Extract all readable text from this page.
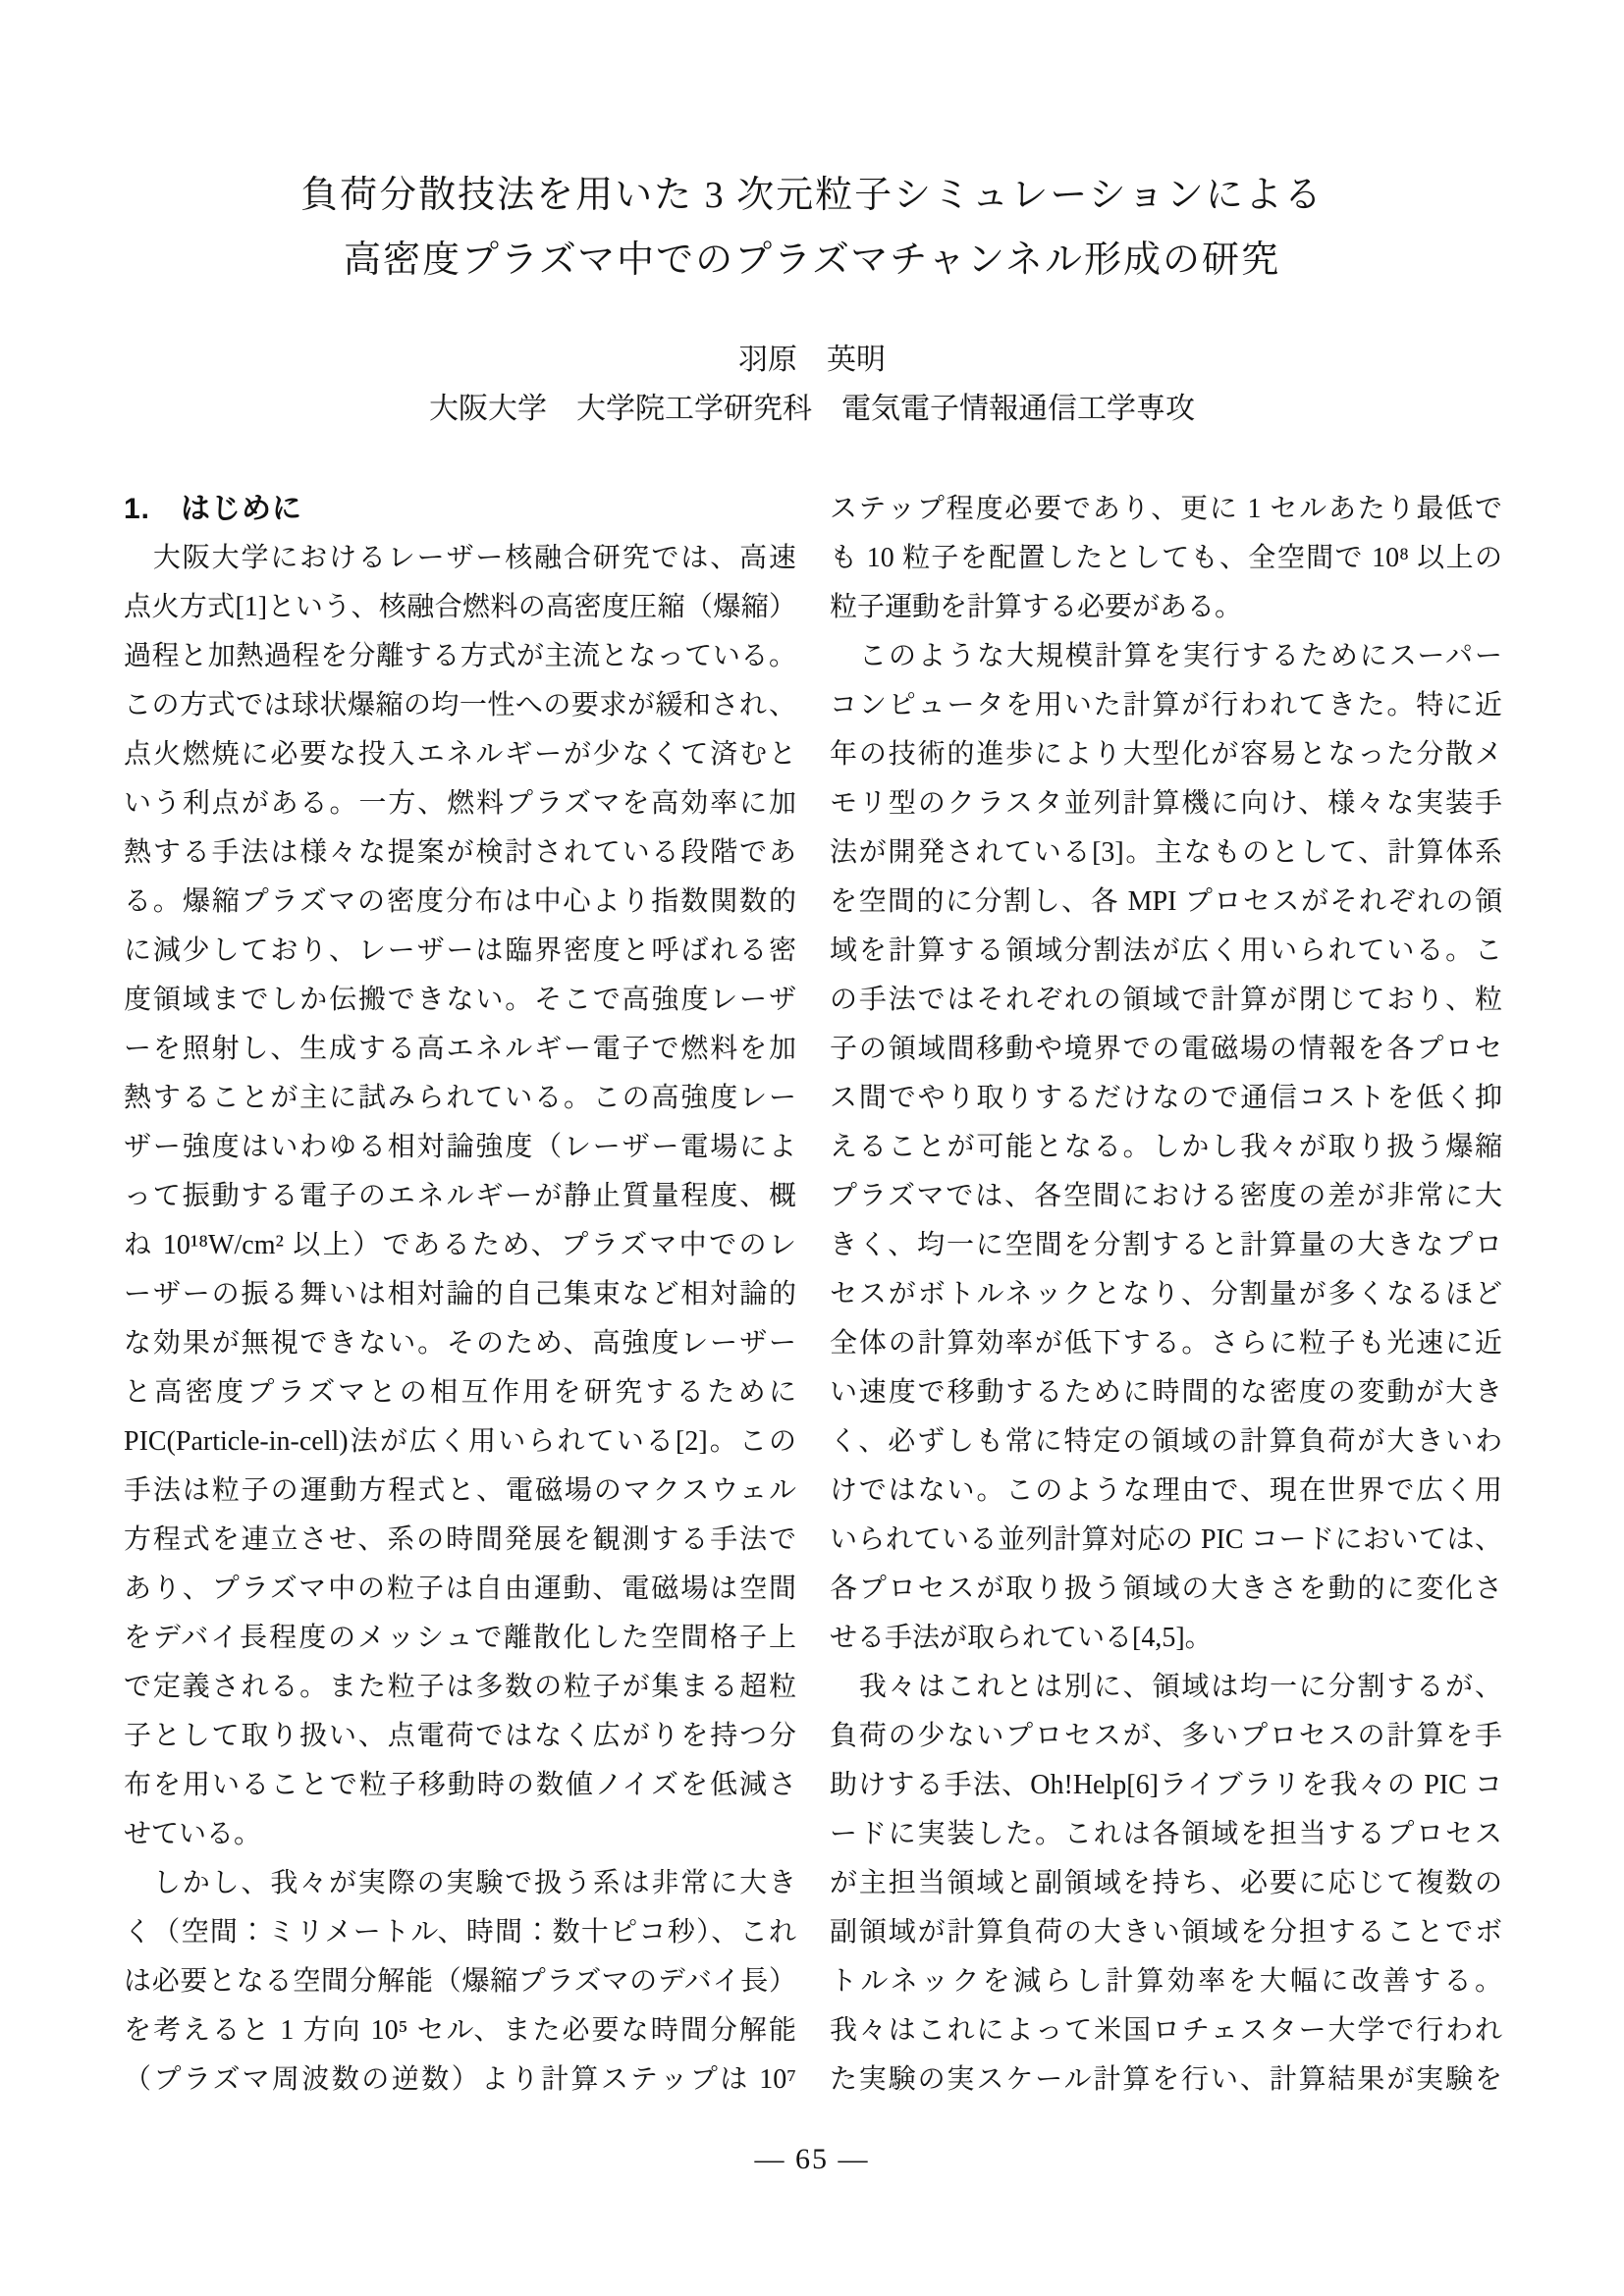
負荷分散技法を用いた 3 次元粒子シミュレーションによる
高密度プラズマ中でのプラズマチャンネル形成の研究
羽原　英明
大阪大学　大学院工学研究科　電気電子情報通信工学専攻
1.　はじめに
　大阪大学におけるレーザー核融合研究では、高速
点火方式[1]という、核融合燃料の高密度圧縮（爆縮）
過程と加熱過程を分離する方式が主流となっている。
この方式では球状爆縮の均一性への要求が緩和され、
点火燃焼に必要な投入エネルギーが少なくて済むと
いう利点がある。一方、燃料プラズマを高効率に加
熱する手法は様々な提案が検討されている段階であ
る。爆縮プラズマの密度分布は中心より指数関数的
に減少しており、レーザーは臨界密度と呼ばれる密
度領域までしか伝搬できない。そこで高強度レーザ
ーを照射し、生成する高エネルギー電子で燃料を加
熱することが主に試みられている。この高強度レー
ザー強度はいわゆる相対論強度（レーザー電場によ
って振動する電子のエネルギーが静止質量程度、概
ね 10¹⁸W/cm² 以上）であるため、プラズマ中でのレ
ーザーの振る舞いは相対論的自己集束など相対論的
な効果が無視できない。そのため、高強度レーザー
と高密度プラズマとの相互作用を研究するために
PIC(Particle-in-cell)法が広く用いられている[2]。この
手法は粒子の運動方程式と、電磁場のマクスウェル
方程式を連立させ、系の時間発展を観測する手法で
あり、プラズマ中の粒子は自由運動、電磁場は空間
をデバイ長程度のメッシュで離散化した空間格子上
で定義される。また粒子は多数の粒子が集まる超粒
子として取り扱い、点電荷ではなく広がりを持つ分
布を用いることで粒子移動時の数値ノイズを低減さ
せている。
　しかし、我々が実際の実験で扱う系は非常に大き
く（空間：ミリメートル、時間：数十ピコ秒）、これ
は必要となる空間分解能（爆縮プラズマのデバイ長）
を考えると 1 方向 10⁵ セル、また必要な時間分解能
（プラズマ周波数の逆数）より計算ステップは 10⁷
ステップ程度必要であり、更に 1 セルあたり最低で
も 10 粒子を配置したとしても、全空間で 10⁸ 以上の
粒子運動を計算する必要がある。
　このような大規模計算を実行するためにスーパー
コンピュータを用いた計算が行われてきた。特に近
年の技術的進歩により大型化が容易となった分散メ
モリ型のクラスタ並列計算機に向け、様々な実装手
法が開発されている[3]。主なものとして、計算体系
を空間的に分割し、各 MPI プロセスがそれぞれの領
域を計算する領域分割法が広く用いられている。こ
の手法ではそれぞれの領域で計算が閉じており、粒
子の領域間移動や境界での電磁場の情報を各プロセ
ス間でやり取りするだけなので通信コストを低く抑
えることが可能となる。しかし我々が取り扱う爆縮
プラズマでは、各空間における密度の差が非常に大
きく、均一に空間を分割すると計算量の大きなプロ
セスがボトルネックとなり、分割量が多くなるほど
全体の計算効率が低下する。さらに粒子も光速に近
い速度で移動するために時間的な密度の変動が大き
く、必ずしも常に特定の領域の計算負荷が大きいわ
けではない。このような理由で、現在世界で広く用
いられている並列計算対応の PIC コードにおいては、
各プロセスが取り扱う領域の大きさを動的に変化さ
せる手法が取られている[4,5]。
　我々はこれとは別に、領域は均一に分割するが、
負荷の少ないプロセスが、多いプロセスの計算を手
助けする手法、Oh!Help[6]ライブラリを我々の PIC コ
ードに実装した。これは各領域を担当するプロセス
が主担当領域と副領域を持ち、必要に応じて複数の
副領域が計算負荷の大きい領域を分担することでボ
トルネックを減らし計算効率を大幅に改善する。
我々はこれによって米国ロチェスター大学で行われ
た実験の実スケール計算を行い、計算結果が実験を
— 65 —
